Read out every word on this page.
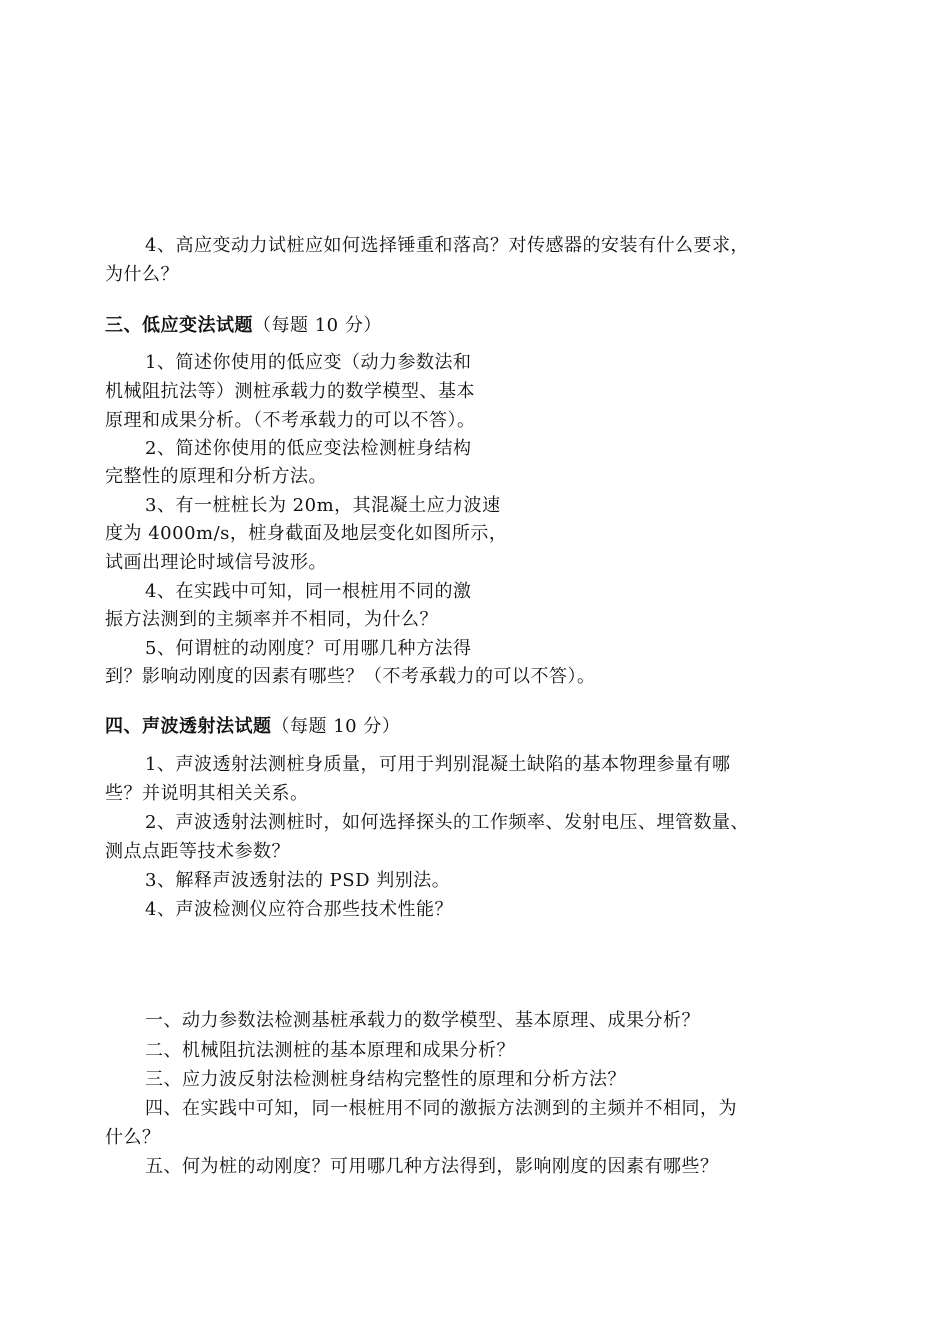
4、高应变动力试桩应如何选择锤重和落高？对传感器的安装有什么要求，
为什么？
三、低应变法试题（每题 10 分）
1、简述你使用的低应变（动力参数法和
机械阻抗法等）测桩承载力的数学模型、基本
原理和成果分析。（不考承载力的可以不答）。
2、简述你使用的低应变法检测桩身结构
完整性的原理和分析方法。
3、有一桩桩长为 20m，其混凝土应力波速
度为 4000m/s，桩身截面及地层变化如图所示，
试画出理论时域信号波形。
4、在实践中可知，同一根桩用不同的激
振方法测到的主频率并不相同，为什么？
5、何谓桩的动刚度？可用哪几种方法得
到？影响动刚度的因素有哪些？（不考承载力的可以不答）。
四、声波透射法试题（每题 10 分）
1、声波透射法测桩身质量，可用于判别混凝土缺陷的基本物理参量有哪
些？并说明其相关关系。
2、声波透射法测桩时，如何选择探头的工作频率、发射电压、埋管数量、
测点点距等技术参数？
3、解释声波透射法的 PSD 判别法。
4、声波检测仪应符合那些技术性能？
一、动力参数法检测基桩承载力的数学模型、基本原理、成果分析？
二、机械阻抗法测桩的基本原理和成果分析？
三、应力波反射法检测桩身结构完整性的原理和分析方法？
四、在实践中可知，同一根桩用不同的激振方法测到的主频并不相同，为
什么？
五、何为桩的动刚度？可用哪几种方法得到，影响刚度的因素有哪些？
